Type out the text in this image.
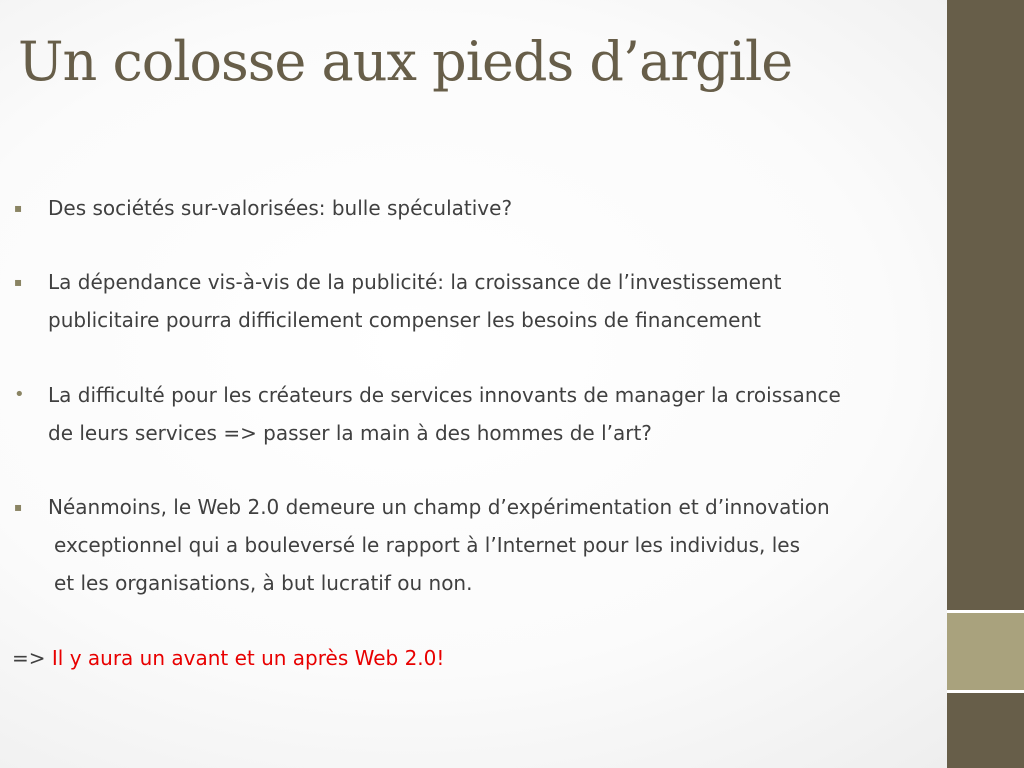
Un colosse aux pieds d’argile
▪ Des sociétés sur-valorisées: bulle spéculative?
▪ La dépendance vis-à-vis de la publicité: la croissance de l’investissement
publicitaire pourra difficilement compenser les besoins de financement
• La difficulté pour les créateurs de services innovants de manager la croissance
de leurs services => passer la main à des hommes de l’art?
▪ Néanmoins, le Web 2.0 demeure un champ d’expérimentation et d’innovation
exceptionnel qui a bouleversé le rapport à l’Internet pour les individus, les
et les organisations, à but lucratif ou non.
=> Il y aura un avant et un après Web 2.0!
